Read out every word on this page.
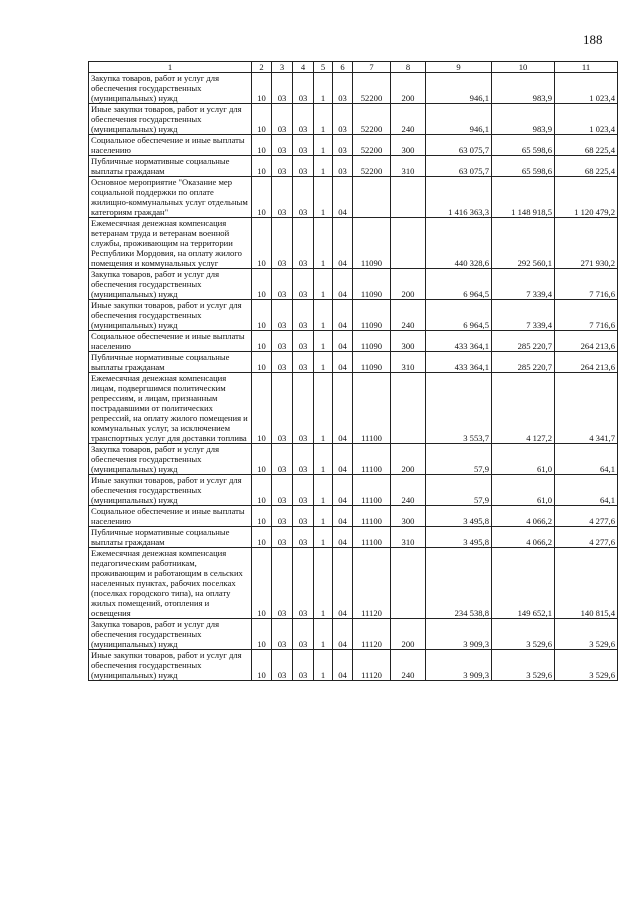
188
1	2	3	4	5	6	7	8	9	10	11
Закупка товаров, работ и услуг для обеспечения государственных (муниципальных) нужд	10	03	03	1	03	52200	200	946,1	983,9	1 023,4
Иные закупки товаров, работ и услуг для обеспечения государственных (муниципальных) нужд	10	03	03	1	03	52200	240	946,1	983,9	1 023,4
Социальное обеспечение и иные выплаты населению	10	03	03	1	03	52200	300	63 075,7	65 598,6	68 225,4
Публичные нормативные социальные выплаты гражданам	10	03	03	1	03	52200	310	63 075,7	65 598,6	68 225,4
Основное мероприятие "Оказание мер социальной поддержки по оплате жилищно-коммунальных услуг отдельным категориям граждан"	10	03	03	1	04			1 416 363,3	1 148 918,5	1 120 479,2
Ежемесячная денежная компенсация ветеранам труда и ветеранам военной службы, проживающим на территории Республики Мордовия, на оплату жилого помещения и коммунальных услуг	10	03	03	1	04	11090		440 328,6	292 560,1	271 930,2
Закупка товаров, работ и услуг для обеспечения государственных (муниципальных) нужд	10	03	03	1	04	11090	200	6 964,5	7 339,4	7 716,6
Иные закупки товаров, работ и услуг для обеспечения государственных (муниципальных) нужд	10	03	03	1	04	11090	240	6 964,5	7 339,4	7 716,6
Социальное обеспечение и иные выплаты населению	10	03	03	1	04	11090	300	433 364,1	285 220,7	264 213,6
Публичные нормативные социальные выплаты гражданам	10	03	03	1	04	11090	310	433 364,1	285 220,7	264 213,6
Ежемесячная денежная компенсация лицам, подвергшимся политическим репрессиям, и лицам, признанным пострадавшими от политических репрессий, на оплату жилого помещения и коммунальных услуг, за исключением транспортных услуг для доставки топлива	10	03	03	1	04	11100		3 553,7	4 127,2	4 341,7
Закупка товаров, работ и услуг для обеспечения государственных (муниципальных) нужд	10	03	03	1	04	11100	200	57,9	61,0	64,1
Иные закупки товаров, работ и услуг для обеспечения государственных (муниципальных) нужд	10	03	03	1	04	11100	240	57,9	61,0	64,1
Социальное обеспечение и иные выплаты населению	10	03	03	1	04	11100	300	3 495,8	4 066,2	4 277,6
Публичные нормативные социальные выплаты гражданам	10	03	03	1	04	11100	310	3 495,8	4 066,2	4 277,6
Ежемесячная денежная компенсация педагогическим работникам, проживающим и работающим в сельских населенных пунктах, рабочих поселках (поселках городского типа), на оплату жилых помещений, отопления и освещения	10	03	03	1	04	11120		234 538,8	149 652,1	140 815,4
Закупка товаров, работ и услуг для обеспечения государственных (муниципальных) нужд	10	03	03	1	04	11120	200	3 909,3	3 529,6	3 529,6
Иные закупки товаров, работ и услуг для обеспечения государственных (муниципальных) нужд	10	03	03	1	04	11120	240	3 909,3	3 529,6	3 529,6
